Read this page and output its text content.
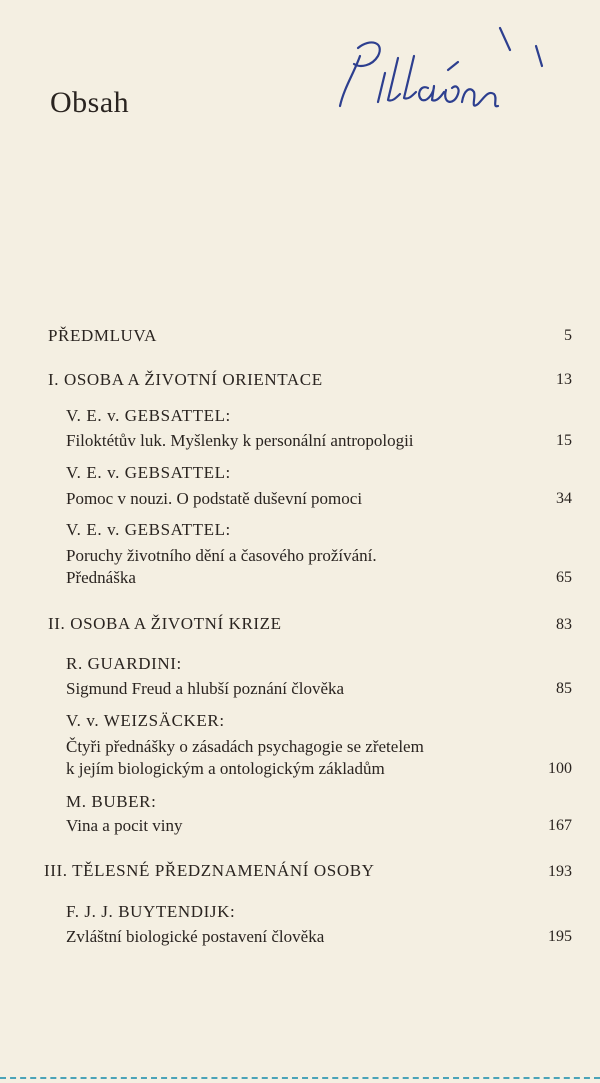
Obsah
PŘEDMLUVA	5
I. OSOBA A ŽIVOTNÍ ORIENTACE	13
V. E. v. GEBSATTEL:
Filoktétův luk. Myšlenky k personální antropologii	15
V. E. v. GEBSATTEL:
Pomoc v nouzi. O podstatě duševní pomoci	34
V. E. v. GEBSATTEL:
Poruchy životního dění a časového prožívání.
Přednáška	65
II. OSOBA A ŽIVOTNÍ KRIZE	83
R. GUARDINI:
Sigmund Freud a hlubší poznání člověka	85
V. v. WEIZSÄCKER:
Čtyři přednášky o zásadách psychagogie se zřetelem
k jejím biologickým a ontologickým základům	100
M. BUBER:
Vina a pocit viny	167
III. TĚLESNÉ PŘEDZNAMENÁNÍ OSOBY	193
F. J. J. BUYTENDIJK:
Zvláštní biologické postavení člověka	195
